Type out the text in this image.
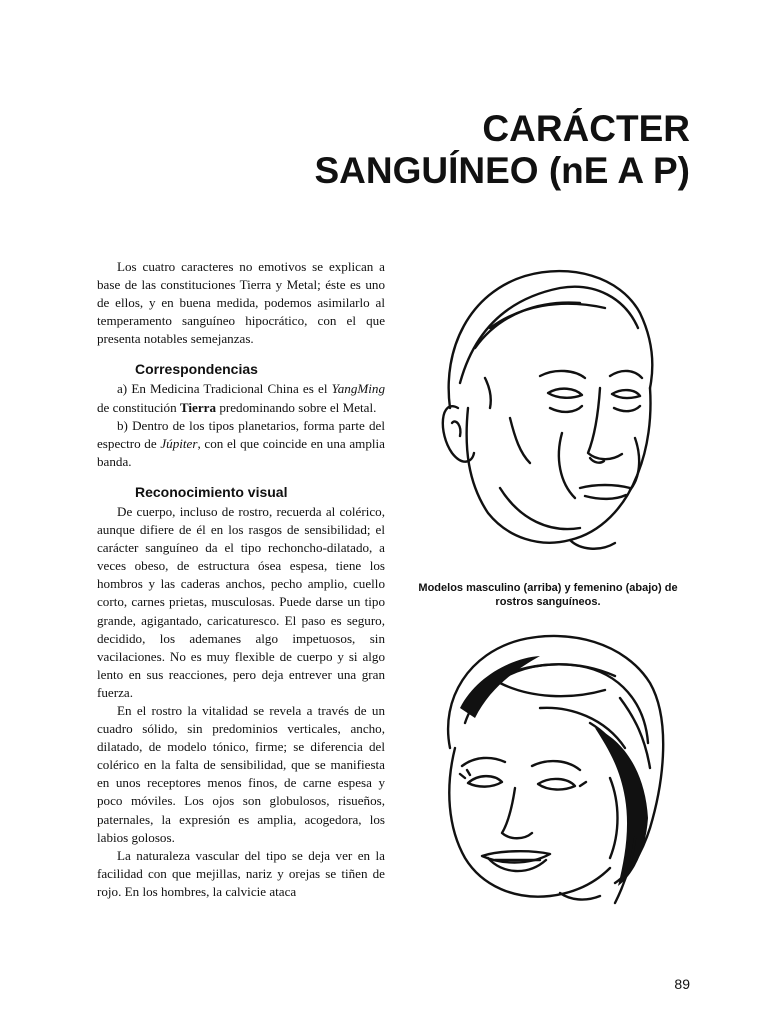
CARÁCTER
SANGUÍNEO (nE A P)

Los cuatro caracteres no emotivos se explican a base de las constituciones Tierra y Metal; éste es uno de ellos, y en buena medida, podemos asimilarlo al temperamento sanguíneo hipocrático, con el que presenta notables semejanzas.

Correspondencias

a) En Medicina Tradicional China es el YangMing de constitución Tierra predominando sobre el Metal.

b) Dentro de los tipos planetarios, forma parte del espectro de Júpiter, con el que coincide en una amplia banda.

Reconocimiento visual

De cuerpo, incluso de rostro, recuerda al colérico, aunque difiere de él en los rasgos de sensibilidad; el carácter sanguíneo da el tipo rechoncho-dilatado, a veces obeso, de estructura ósea espesa, tiene los hombros y las caderas anchos, pecho amplio, cuello corto, carnes prietas, musculosas. Puede darse un tipo grande, agigantado, caricaturesco. El paso es seguro, decidido, los ademanes algo impetuosos, sin vacilaciones. No es muy flexible de cuerpo y si algo lento en sus reacciones, pero deja entrever una gran fuerza.

En el rostro la vitalidad se revela a través de un cuadro sólido, sin predominios verticales, ancho, dilatado, de modelo tónico, firme; se diferencia del colérico en la falta de sensibilidad, que se manifiesta en unos receptores menos finos, de carne espesa y poco móviles. Los ojos son globulosos, risueños, paternales, la expresión es amplia, acogedora, los labios golosos.

La naturaleza vascular del tipo se deja ver en la facilidad con que mejillas, nariz y orejas se tiñen de rojo. En los hombres, la calvicie ataca

Modelos masculino (arriba) y femenino (abajo) de rostros sanguíneos.
89
